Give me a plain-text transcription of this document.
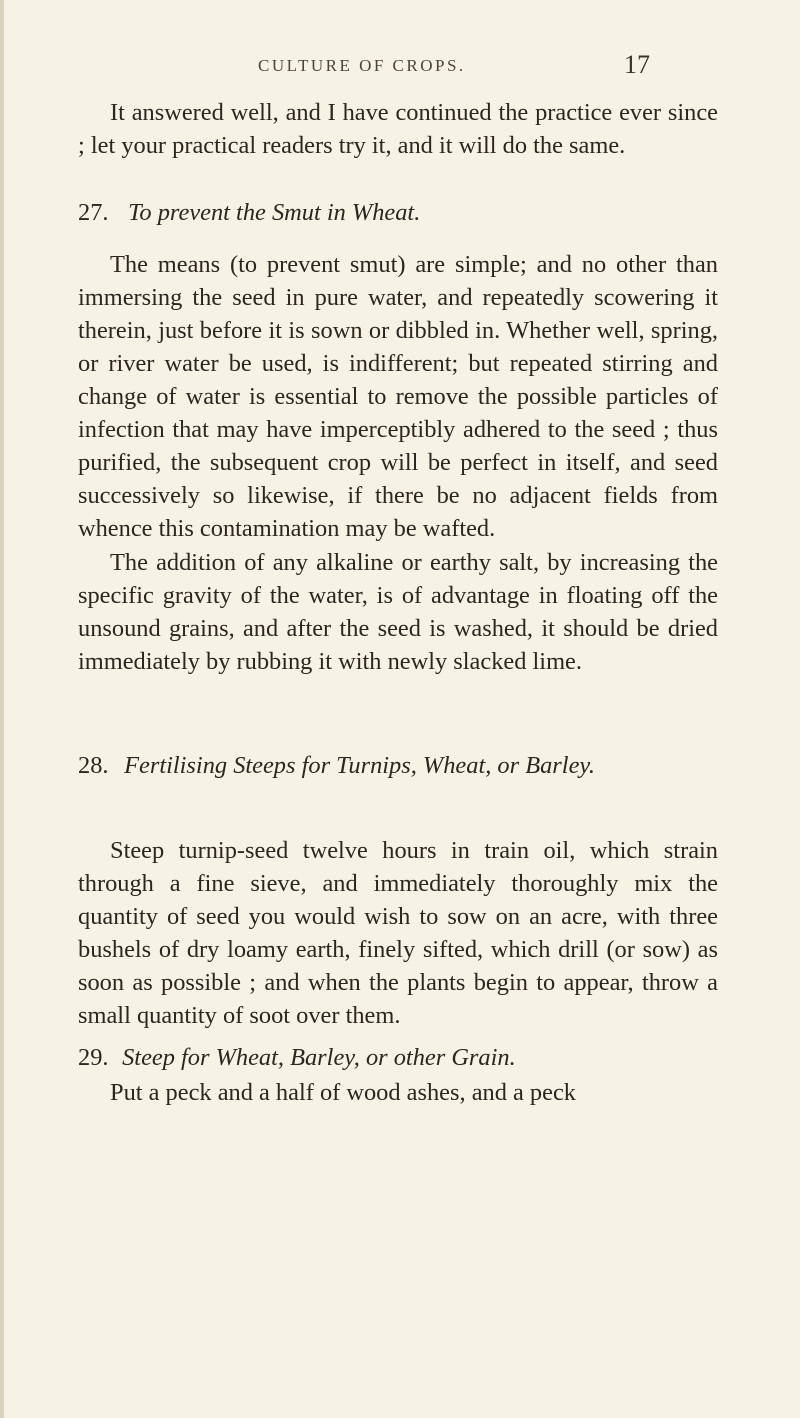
CULTURE OF CROPS.	17

It answered well, and I have continued the practice ever since ; let your practical readers try it, and it will do the same.

27. To prevent the Smut in Wheat.

The means (to prevent smut) are simple; and no other than immersing the seed in pure water, and repeatedly scowering it therein, just before it is sown or dibbled in. Whether well, spring, or river water be used, is indifferent; but repeated stirring and change of water is essential to remove the possible particles of infection that may have imperceptibly adhered to the seed ; thus purified, the subsequent crop will be perfect in itself, and seed successively so likewise, if there be no adjacent fields from whence this contamination may be wafted.

The addition of any alkaline or earthy salt, by increasing the specific gravity of the water, is of advantage in floating off the unsound grains, and after the seed is washed, it should be dried immediately by rubbing it with newly slacked lime.

28. Fertilising Steeps for Turnips, Wheat, or Barley.

Steep turnip-seed twelve hours in train oil, which strain through a fine sieve, and immediately thoroughly mix the quantity of seed you would wish to sow on an acre, with three bushels of dry loamy earth, finely sifted, which drill (or sow) as soon as possible ; and when the plants begin to appear, throw a small quantity of soot over them.

29. Steep for Wheat, Barley, or other Grain.

Put a peck and a half of wood ashes, and a peck
